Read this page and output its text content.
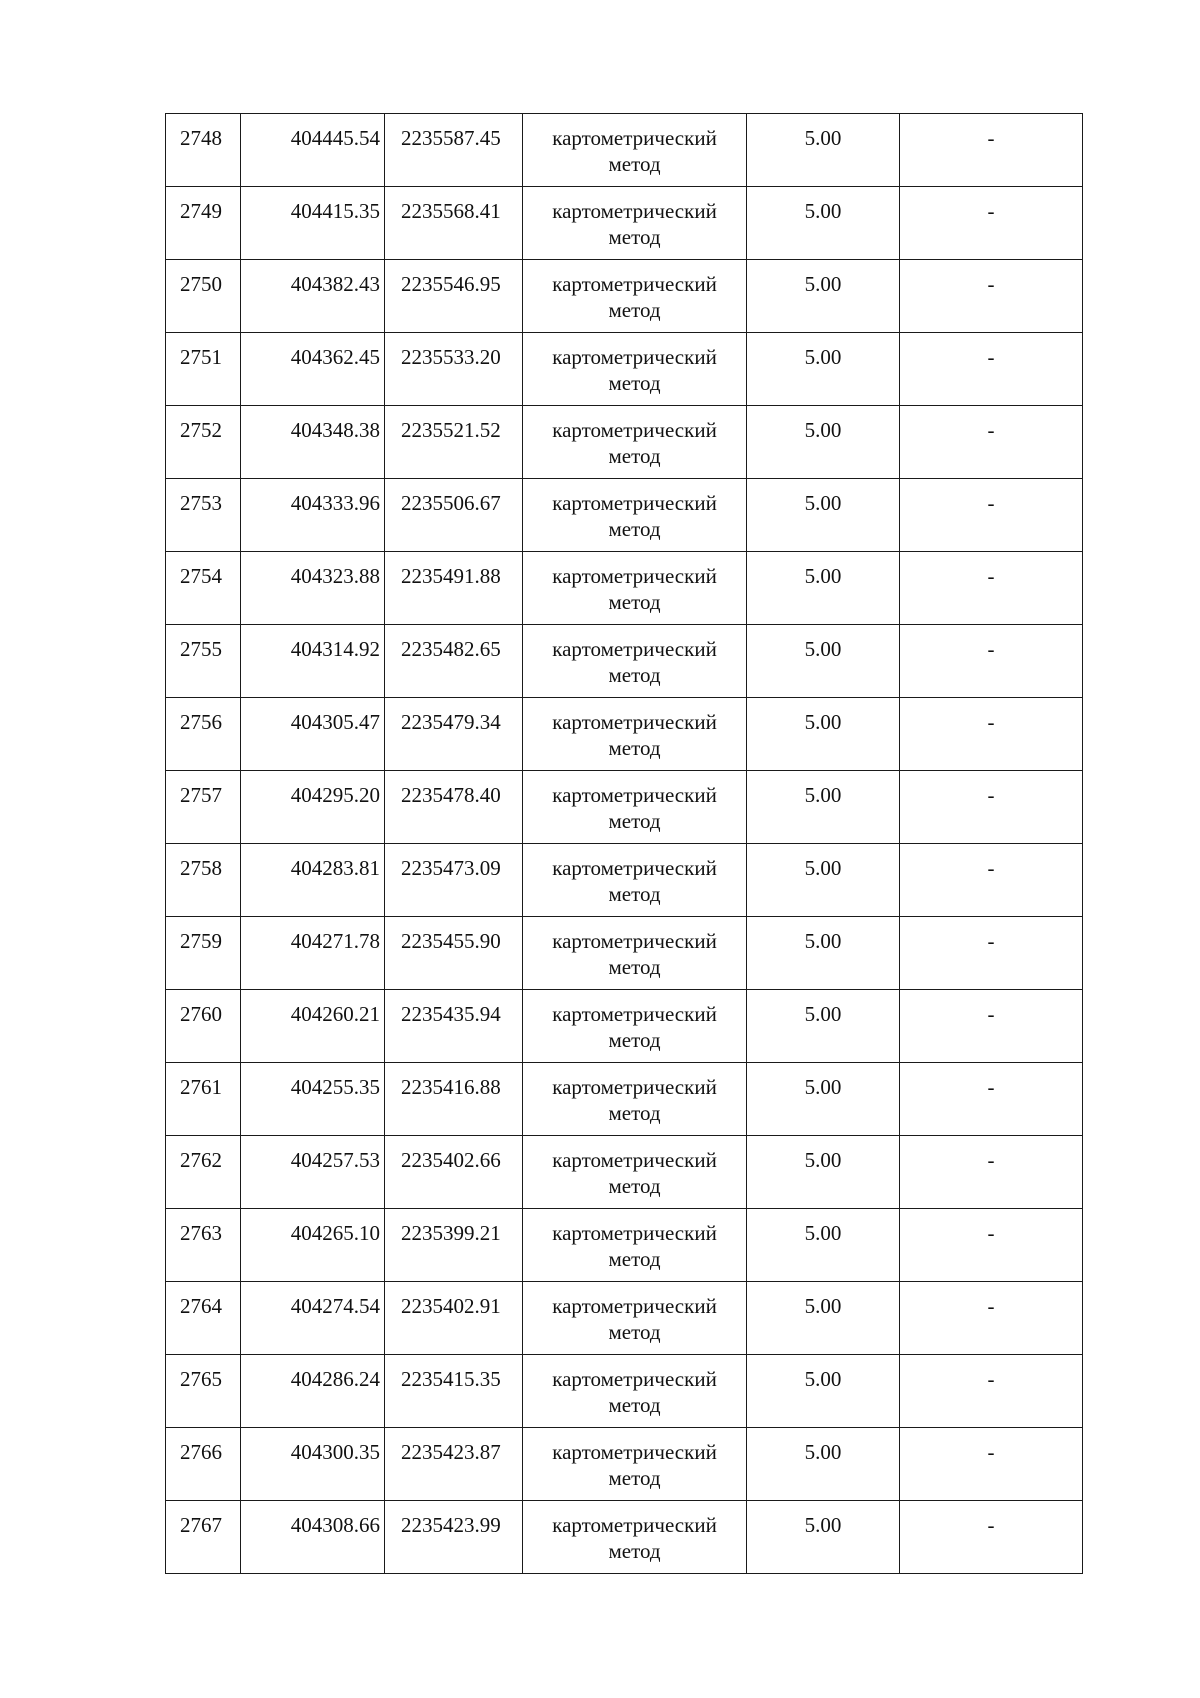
2748	404445.54	2235587.45	картометрический метод	5.00	-
2749	404415.35	2235568.41	картометрический метод	5.00	-
2750	404382.43	2235546.95	картометрический метод	5.00	-
2751	404362.45	2235533.20	картометрический метод	5.00	-
2752	404348.38	2235521.52	картометрический метод	5.00	-
2753	404333.96	2235506.67	картометрический метод	5.00	-
2754	404323.88	2235491.88	картометрический метод	5.00	-
2755	404314.92	2235482.65	картометрический метод	5.00	-
2756	404305.47	2235479.34	картометрический метод	5.00	-
2757	404295.20	2235478.40	картометрический метод	5.00	-
2758	404283.81	2235473.09	картометрический метод	5.00	-
2759	404271.78	2235455.90	картометрический метод	5.00	-
2760	404260.21	2235435.94	картометрический метод	5.00	-
2761	404255.35	2235416.88	картометрический метод	5.00	-
2762	404257.53	2235402.66	картометрический метод	5.00	-
2763	404265.10	2235399.21	картометрический метод	5.00	-
2764	404274.54	2235402.91	картометрический метод	5.00	-
2765	404286.24	2235415.35	картометрический метод	5.00	-
2766	404300.35	2235423.87	картометрический метод	5.00	-
2767	404308.66	2235423.99	картометрический метод	5.00	-
